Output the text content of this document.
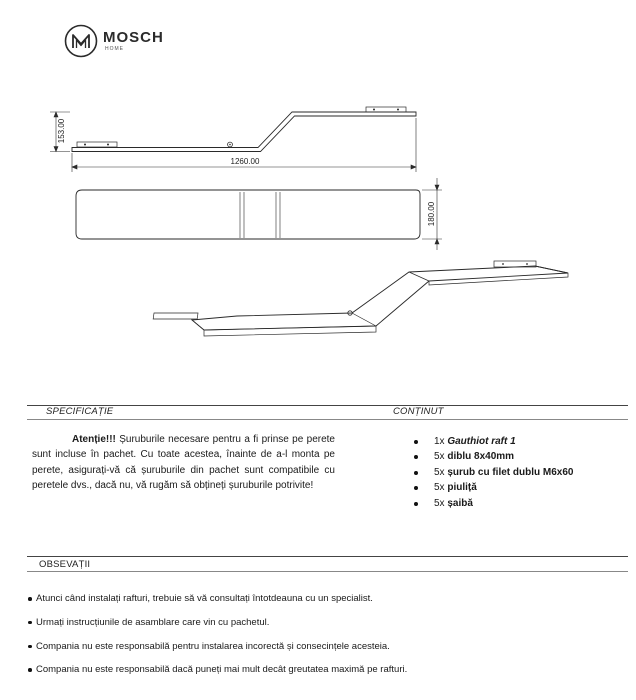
MOSCH
HOME
153.00
1260.00
180.00
SPECIFICAȚIE	CONȚINUT
Atenție!!! Șuruburile necesare pentru a fi prinse pe perete sunt incluse în pachet. Cu toate acestea, înainte de a-l monta pe perete, asigurați-vă că șuruburile din pachet sunt compatibile cu peretele dvs., dacă nu, vă rugăm să obțineți șuruburile potrivite!
1x Gauthiot raft 1
5x diblu 8x40mm
5x șurub cu filet dublu M6x60
5x piuliță
5x șaibă
OBSEVAȚII
Atunci când instalați rafturi, trebuie să vă consultați întotdeauna cu un specialist.
Urmați instrucțiunile de asamblare care vin cu pachetul.
Compania nu este responsabilă pentru instalarea incorectă și consecințele acesteia.
Compania nu este responsabilă dacă puneți mai mult decât greutatea maximă pe rafturi.
